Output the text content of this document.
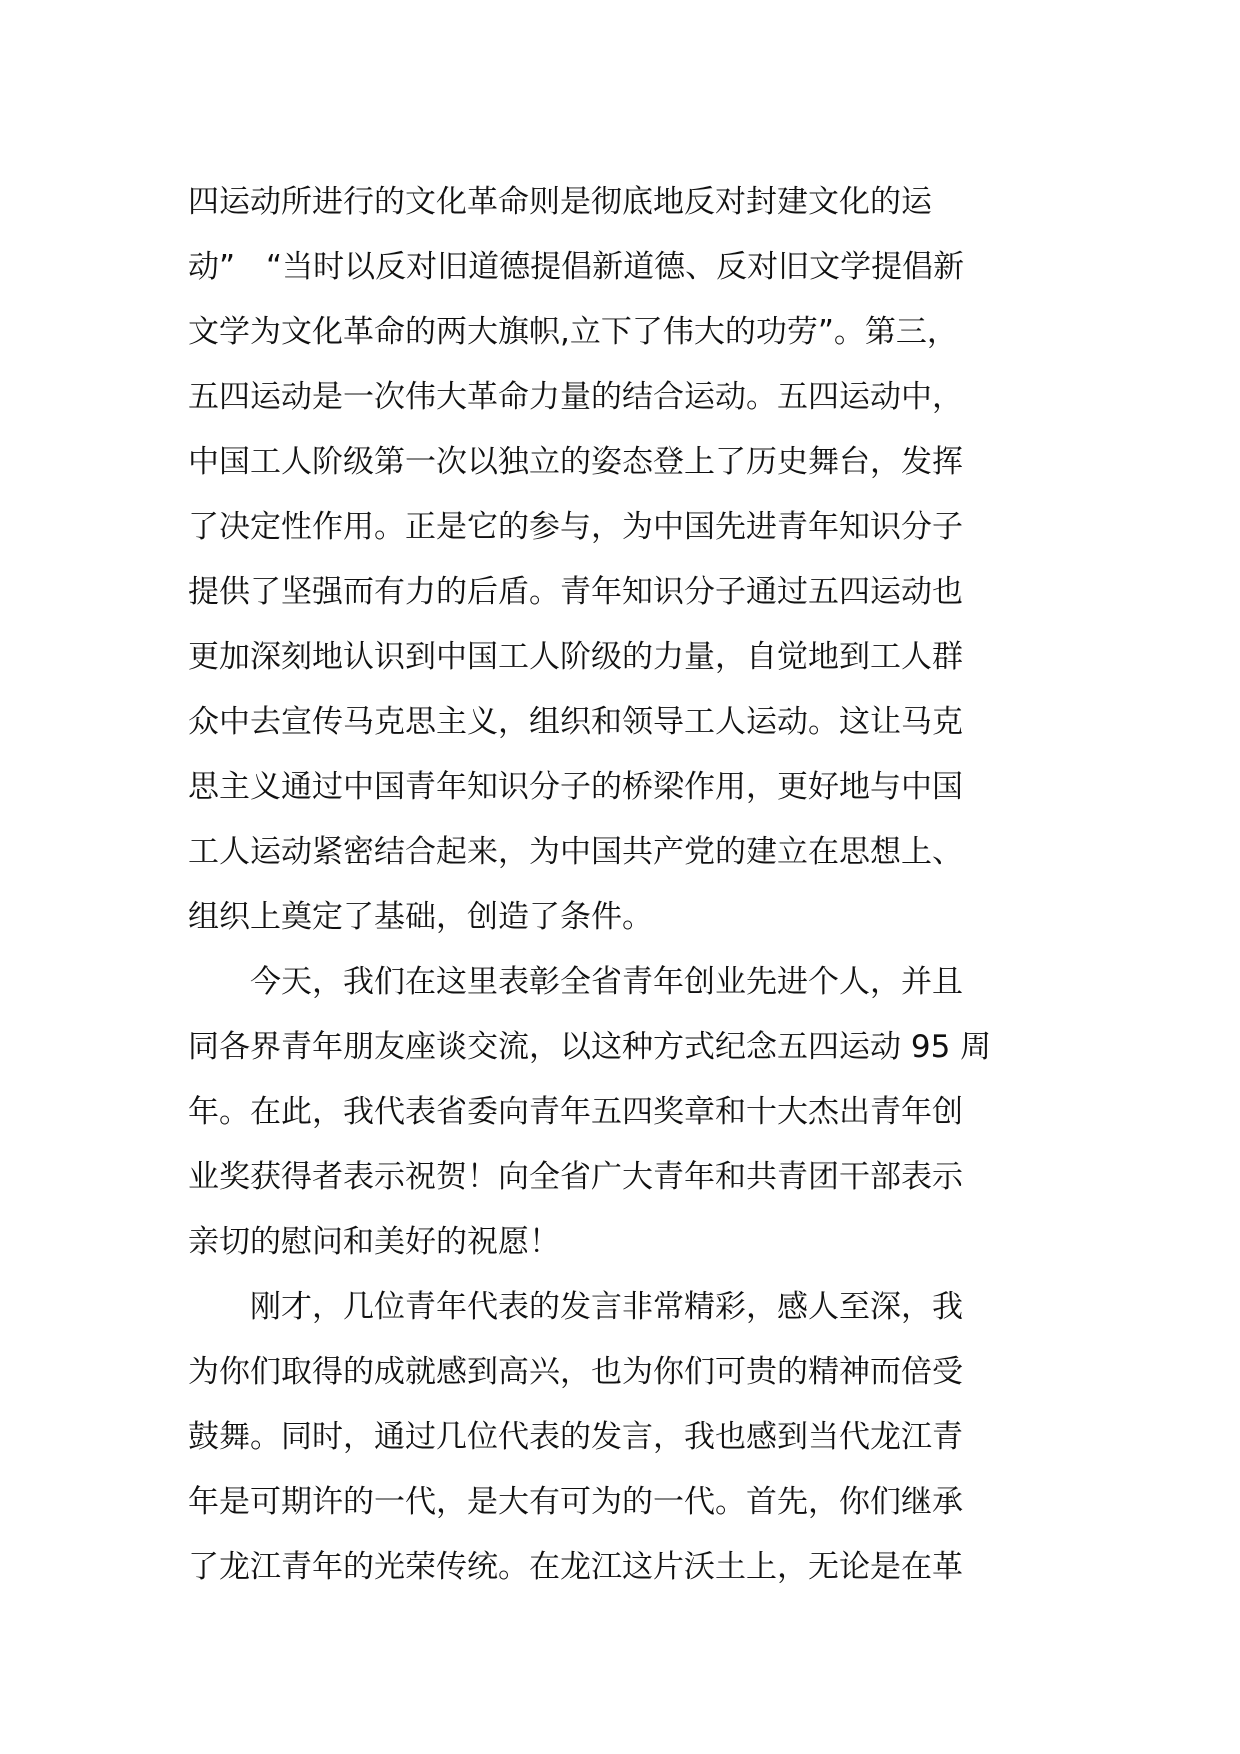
四运动所进行的文化革命则是彻底地反对封建文化的运
动”　“当时以反对旧道德提倡新道德、反对旧文学提倡新
文学为文化革命的两大旗帜,立下了伟大的功劳”。第三，
五四运动是一次伟大革命力量的结合运动。五四运动中，
中国工人阶级第一次以独立的姿态登上了历史舞台，发挥
了决定性作用。正是它的参与，为中国先进青年知识分子
提供了坚强而有力的后盾。青年知识分子通过五四运动也
更加深刻地认识到中国工人阶级的力量，自觉地到工人群
众中去宣传马克思主义，组织和领导工人运动。这让马克
思主义通过中国青年知识分子的桥梁作用，更好地与中国
工人运动紧密结合起来，为中国共产党的建立在思想上、
组织上奠定了基础，创造了条件。
今天，我们在这里表彰全省青年创业先进个人，并且
同各界青年朋友座谈交流，以这种方式纪念五四运动 95 周
年。在此，我代表省委向青年五四奖章和十大杰出青年创
业奖获得者表示祝贺！向全省广大青年和共青团干部表示
亲切的慰问和美好的祝愿！
刚才，几位青年代表的发言非常精彩，感人至深，我
为你们取得的成就感到高兴，也为你们可贵的精神而倍受
鼓舞。同时，通过几位代表的发言，我也感到当代龙江青
年是可期许的一代，是大有可为的一代。首先，你们继承
了龙江青年的光荣传统。在龙江这片沃土上，无论是在革
